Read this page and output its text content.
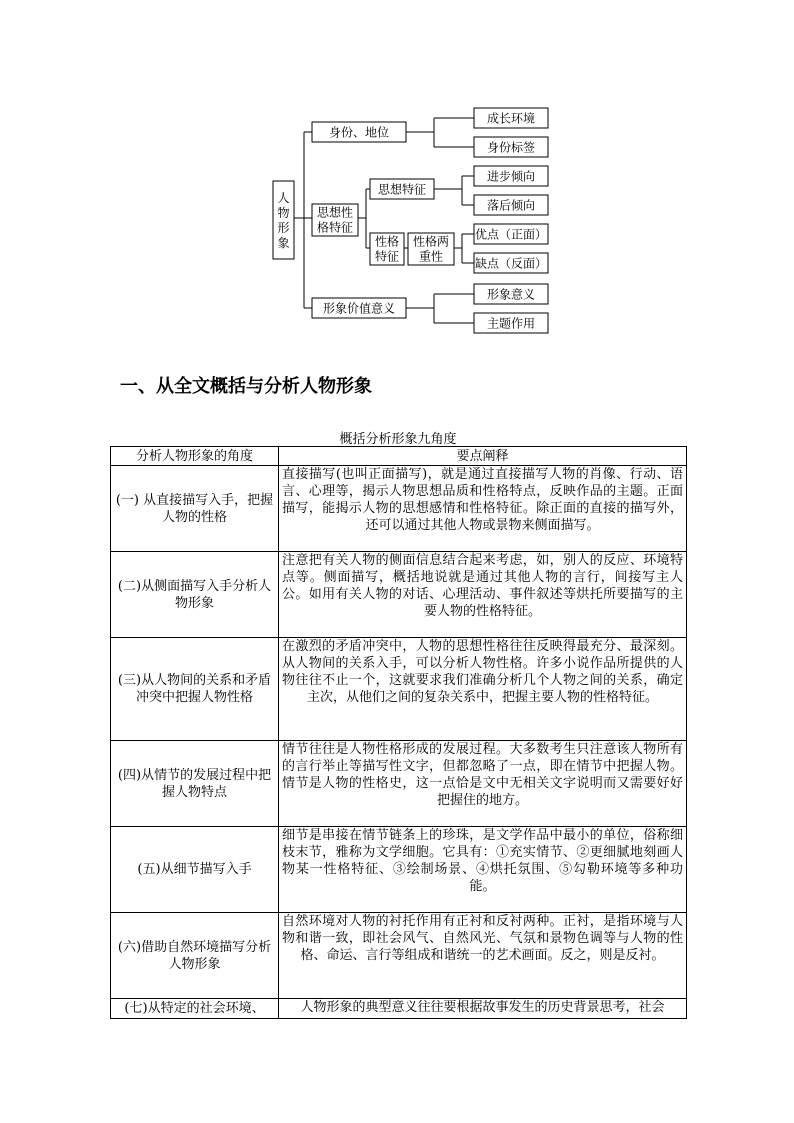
人物形象
身份、地位
思想性
格特征
形象价值意义
成长环境
身份标签
思想特征
进步倾向
落后倾向
性格
特征
性格两
重性
优点（正面）
缺点（反面）
形象意义
主题作用
一、从全文概括与分析人物形象
概括分析形象九角度
分析人物形象的角度	要点阐释
(一) 从直接描写入手，把握人物的性格	直接描写(也叫正面描写)，就是通过直接描写人物的肖像、行动、语言、心理等，揭示人物思想品质和性格特点，反映作品的主题。正面描写，能揭示人物的思想感情和性格特征。除正面的直接的描写外，还可以通过其他人物或景物来侧面描写。
(二)从侧面描写入手分析人物形象	注意把有关人物的侧面信息结合起来考虑，如，别人的反应、环境特点等。侧面描写，概括地说就是通过其他人物的言行，间接写主人公。如用有关人物的对话、心理活动、事件叙述等烘托所要描写的主要人物的性格特征。
(三)从人物间的关系和矛盾冲突中把握人物性格	在激烈的矛盾冲突中，人物的思想性格往往反映得最充分、最深刻。从人物间的关系入手，可以分析人物性格。许多小说作品所提供的人物往往不止一个，这就要求我们准确分析几个人物之间的关系，确定主次，从他们之间的复杂关系中，把握主要人物的性格特征。
(四)从情节的发展过程中把握人物特点	情节往往是人物性格形成的发展过程。大多数考生只注意该人物所有的言行举止等描写性文字，但都忽略了一点，即在情节中把握人物。情节是人物的性格史，这一点恰是文中无相关文字说明而又需要好好把握住的地方。
(五)从细节描写入手	细节是串接在情节链条上的珍珠，是文学作品中最小的单位，俗称细枝末节，雅称为文学细胞。它具有：①充实情节、②更细腻地刻画人物某一性格特征、③绘制场景、④烘托氛围、⑤勾勒环境等多种功能。
(六)借助自然环境描写分析人物形象	自然环境对人物的衬托作用有正衬和反衬两种。正衬，是指环境与人物和谐一致，即社会风气、自然风光、气氛和景物色调等与人物的性格、命运、言行等组成和谐统一的艺术画面。反之，则是反衬。
(七)从特定的社会环境、	人物形象的典型意义往往要根据故事发生的历史背景思考，社会
